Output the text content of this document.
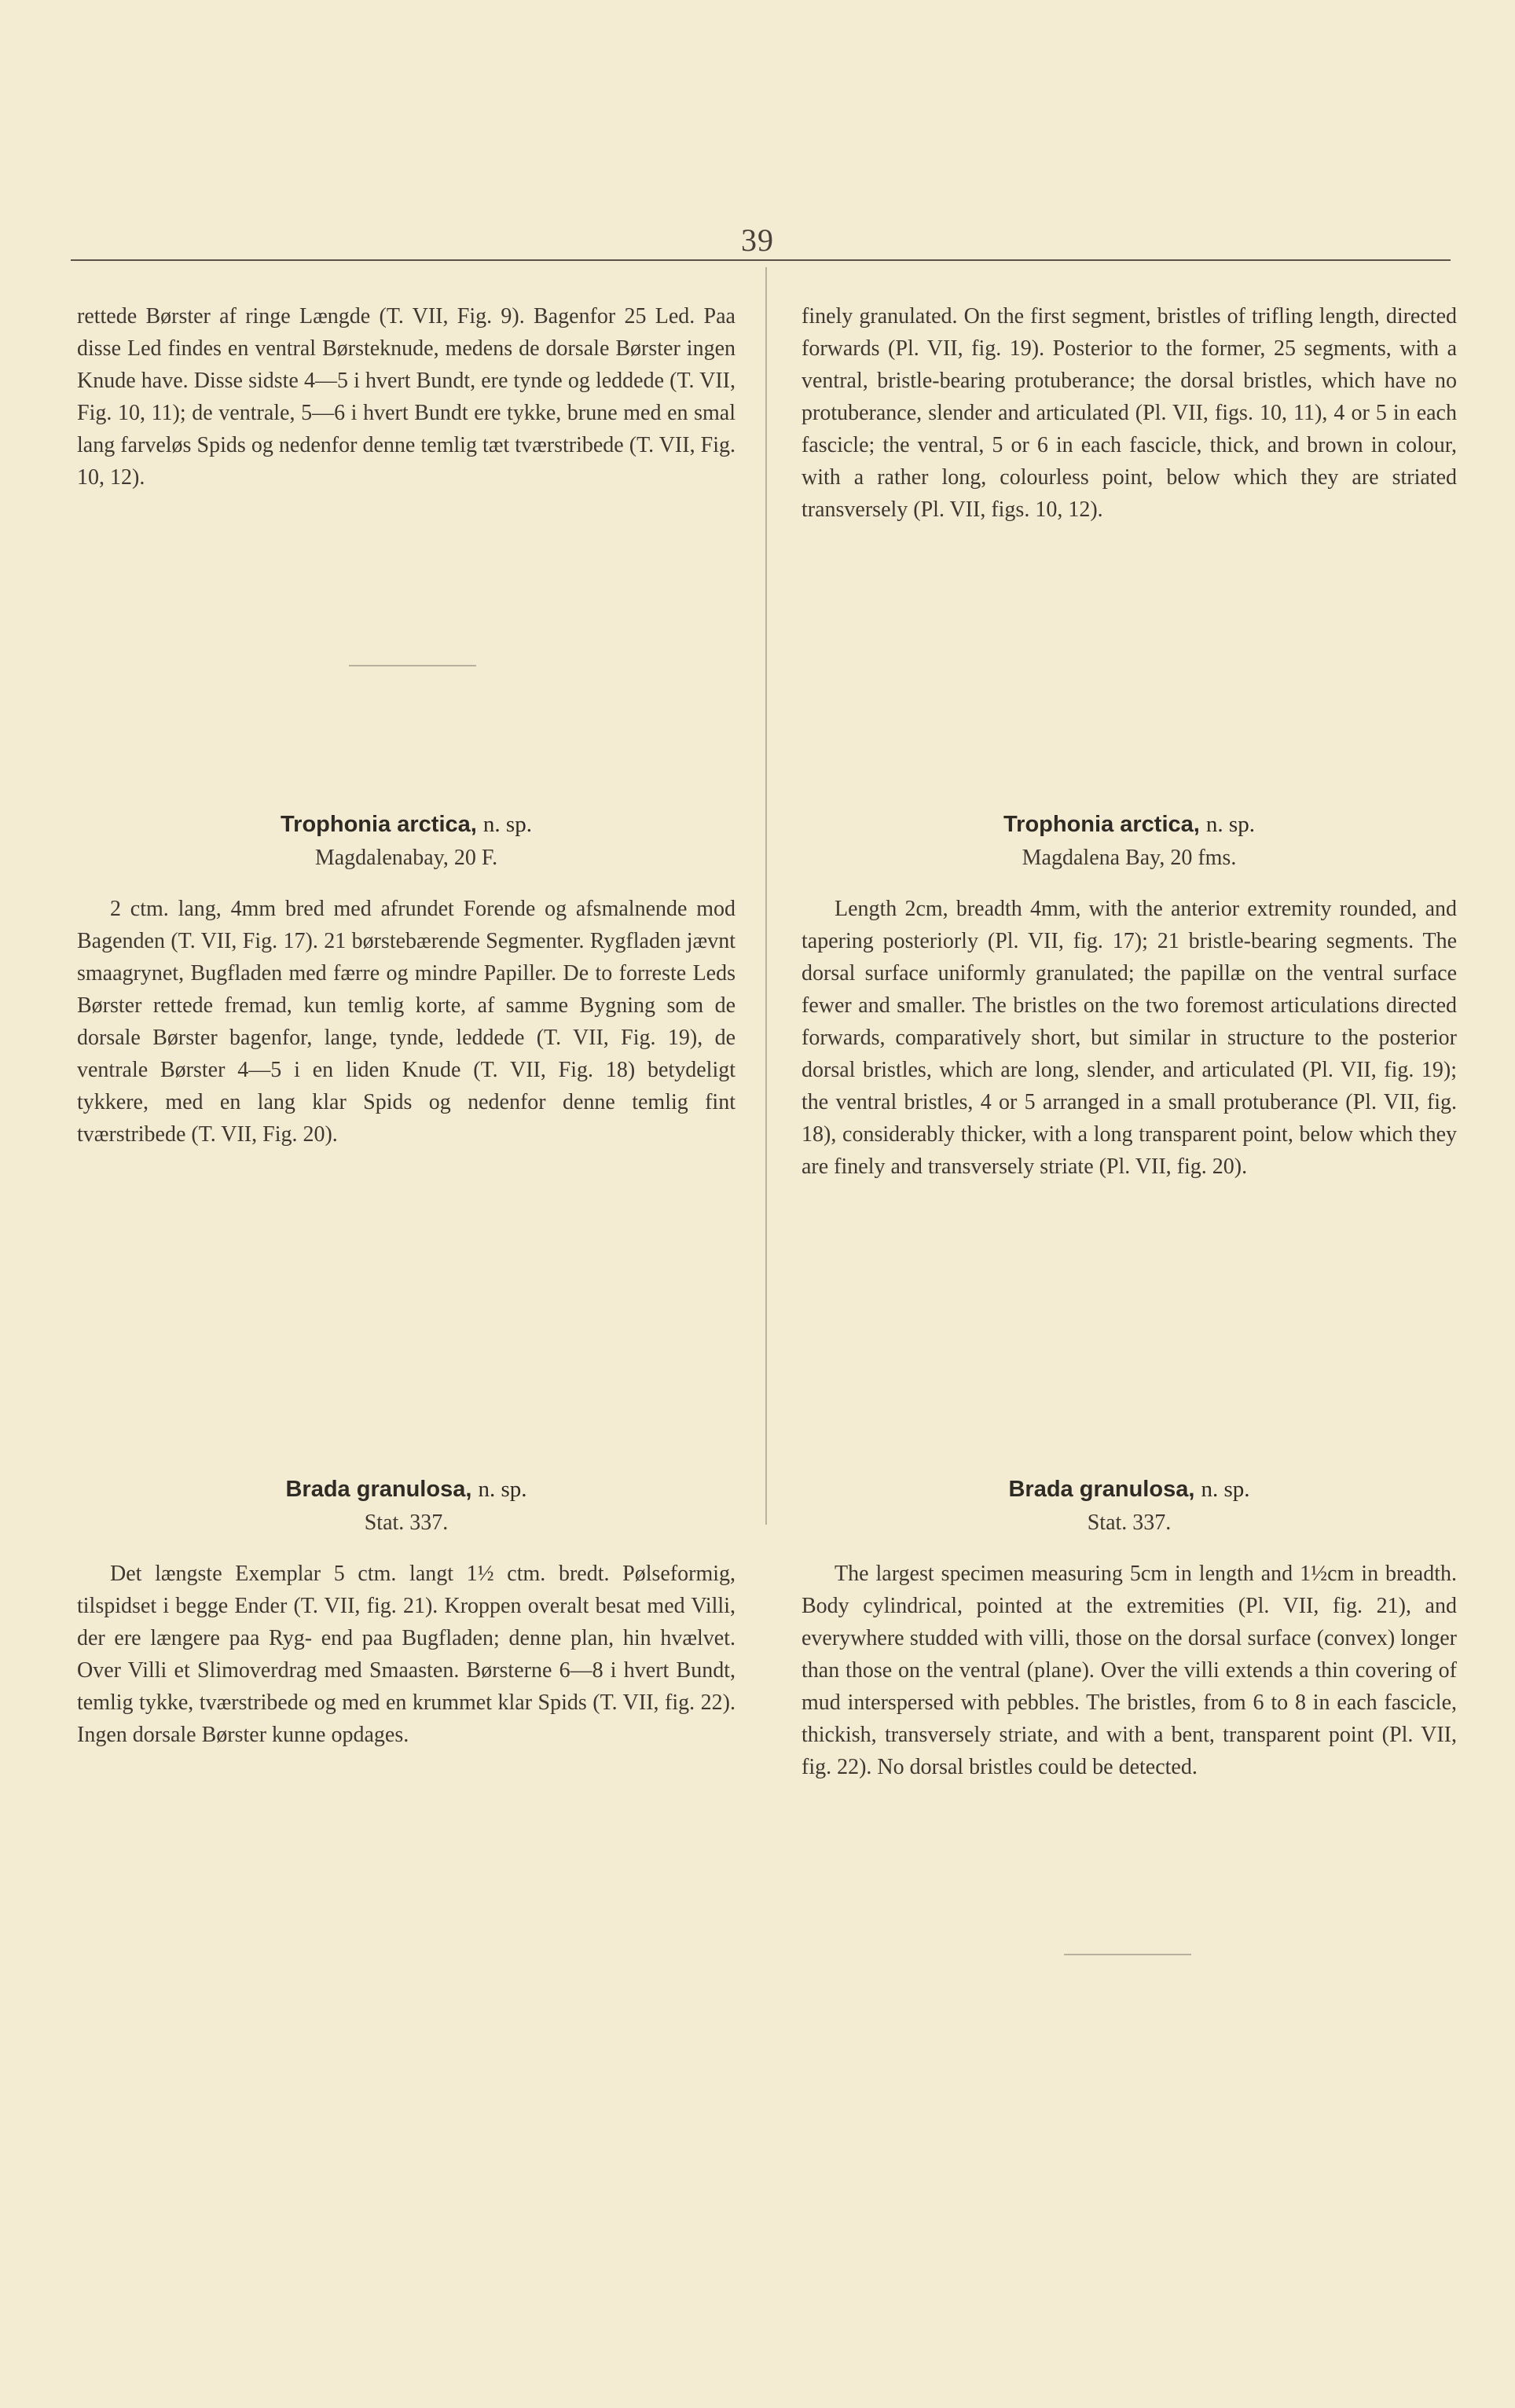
39

rettede Børster af ringe Længde (T. VII, Fig. 9). Bagenfor 25 Led. Paa disse Led findes en ventral Børsteknude, medens de dorsale Børster ingen Knude have. Disse sidste 4—5 i hvert Bundt, ere tynde og leddede (T. VII, Fig. 10, 11); de ventrale, 5—6 i hvert Bundt ere tykke, brune med en smal lang farveløs Spids og nedenfor denne temlig tæt tværstribede (T. VII, Fig. 10, 12).

Trophonia arctica, n. sp.

Magdalenabay, 20 F.

2 ctm. lang, 4mm bred med afrundet Forende og afsmalnende mod Bagenden (T. VII, Fig. 17). 21 børstebærende Segmenter. Rygfladen jævnt smaagrynet, Bugfladen med færre og mindre Papiller. De to forreste Leds Børster rettede fremad, kun temlig korte, af samme Bygning som de dorsale Børster bagenfor, lange, tynde, leddede (T. VII, Fig. 19), de ventrale Børster 4—5 i en liden Knude (T. VII, Fig. 18) betydeligt tykkere, med en lang klar Spids og nedenfor denne temlig fint tværstribede (T. VII, Fig. 20).

Brada granulosa, n. sp.

Stat. 337.

Det længste Exemplar 5 ctm. langt 1½ ctm. bredt. Pølseformig, tilspidset i begge Ender (T. VII, fig. 21). Kroppen overalt besat med Villi, der ere længere paa Ryg- end paa Bugfladen; denne plan, hin hvælvet. Over Villi et Slimoverdrag med Smaasten. Børsterne 6—8 i hvert Bundt, temlig tykke, tværstribede og med en krummet klar Spids (T. VII, fig. 22). Ingen dorsale Børster kunne opdages.

finely granulated. On the first segment, bristles of trifling length, directed forwards (Pl. VII, fig. 19). Posterior to the former, 25 segments, with a ventral, bristle-bearing protuberance; the dorsal bristles, which have no protuberance, slender and articulated (Pl. VII, figs. 10, 11), 4 or 5 in each fascicle; the ventral, 5 or 6 in each fascicle, thick, and brown in colour, with a rather long, colourless point, below which they are striated transversely (Pl. VII, figs. 10, 12).

Trophonia arctica, n. sp.

Magdalena Bay, 20 fms.

Length 2cm, breadth 4mm, with the anterior extremity rounded, and tapering posteriorly (Pl. VII, fig. 17); 21 bristle-bearing segments. The dorsal surface uniformly granulated; the papillæ on the ventral surface fewer and smaller. The bristles on the two foremost articulations directed forwards, comparatively short, but similar in structure to the posterior dorsal bristles, which are long, slender, and articulated (Pl. VII, fig. 19); the ventral bristles, 4 or 5 arranged in a small protuberance (Pl. VII, fig. 18), considerably thicker, with a long transparent point, below which they are finely and transversely striate (Pl. VII, fig. 20).

Brada granulosa, n. sp.

Stat. 337.

The largest specimen measuring 5cm in length and 1½cm in breadth. Body cylindrical, pointed at the extremities (Pl. VII, fig. 21), and everywhere studded with villi, those on the dorsal surface (convex) longer than those on the ventral (plane). Over the villi extends a thin covering of mud interspersed with pebbles. The bristles, from 6 to 8 in each fascicle, thickish, transversely striate, and with a bent, transparent point (Pl. VII, fig. 22). No dorsal bristles could be detected.
